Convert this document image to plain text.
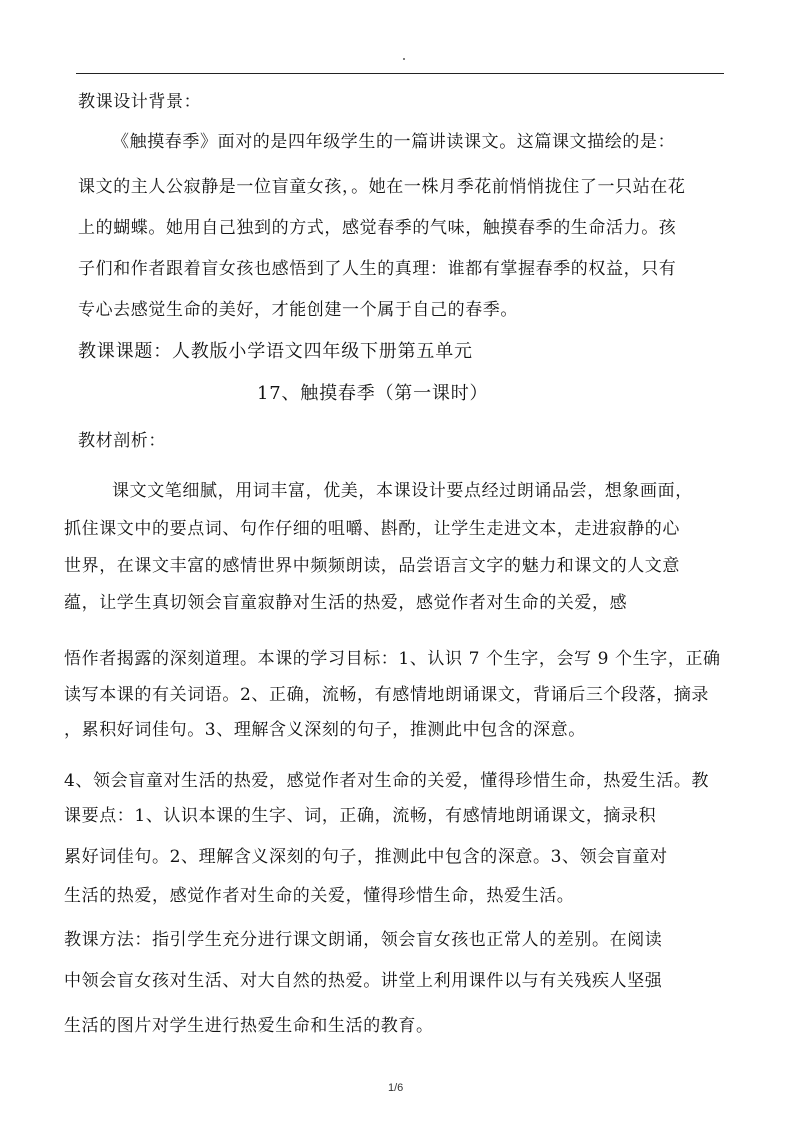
教课设计背景：
《触摸春季》面对的是四年级学生的一篇讲读课文。这篇课文描绘的是：
课文的主人公寂静是一位盲童女孩，。她在一株月季花前悄悄拢住了一只站在花
上的蝴蝶。她用自己独到的方式，感觉春季的气味，触摸春季的生命活力。孩
子们和作者跟着盲女孩也感悟到了人生的真理：谁都有掌握春季的权益，只有
专心去感觉生命的美好，才能创建一个属于自己的春季。
教课课题：人教版小学语文四年级下册第五单元
17、触摸春季（第一课时）
教材剖析：
课文文笔细腻，用词丰富，优美，本课设计要点经过朗诵品尝，想象画面，
抓住课文中的要点词、句作仔细的咀嚼、斟酌，让学生走进文本，走进寂静的心
世界，在课文丰富的感情世界中频频朗读，品尝语言文字的魅力和课文的人文意
蕴，让学生真切领会盲童寂静对生活的热爱，感觉作者对生命的关爱，感
悟作者揭露的深刻道理。本课的学习目标：1、认识 7 个生字，会写 9 个生字，正确
读写本课的有关词语。2、正确，流畅，有感情地朗诵课文，背诵后三个段落，摘录
，累积好词佳句。3、理解含义深刻的句子，推测此中包含的深意。
4、领会盲童对生活的热爱，感觉作者对生命的关爱，懂得珍惜生命，热爱生活。教
课要点：1、认识本课的生字、词，正确，流畅，有感情地朗诵课文，摘录积
累好词佳句。2、理解含义深刻的句子，推测此中包含的深意。3、领会盲童对
生活的热爱，感觉作者对生命的关爱，懂得珍惜生命，热爱生活。
教课方法：指引学生充分进行课文朗诵，领会盲女孩也正常人的差别。在阅读
中领会盲女孩对生活、对大自然的热爱。讲堂上利用课件以与有关残疾人坚强
生活的图片对学生进行热爱生命和生活的教育。
1/6
